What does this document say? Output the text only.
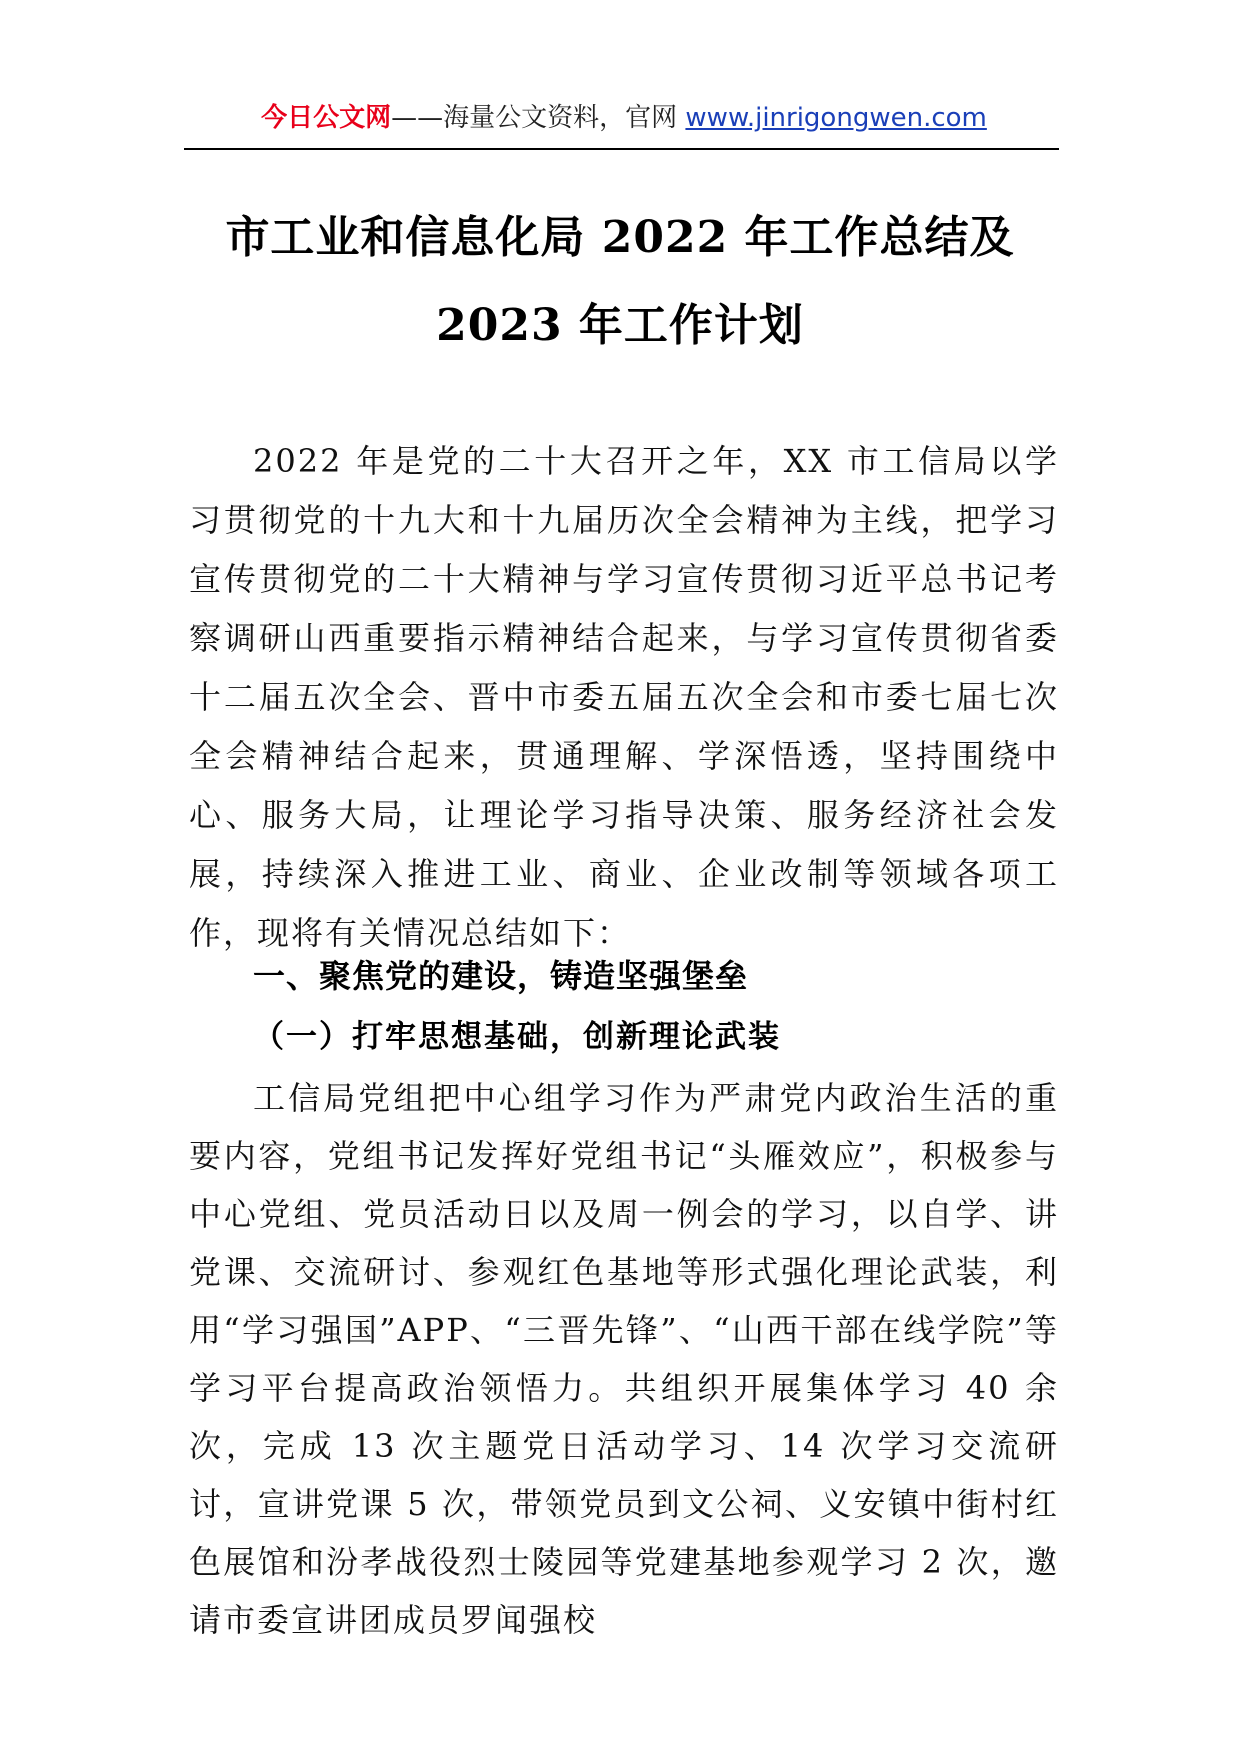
今日公文网——海量公文资料，官网 www.jinrigongwen.com
市工业和信息化局 2022 年工作总结及
2023 年工作计划

2022 年是党的二十大召开之年，XX 市工信局以学习贯彻党的十九大和十九届历次全会精神为主线，把学习宣传贯彻党的二十大精神与学习宣传贯彻习近平总书记考察调研山西重要指示精神结合起来，与学习宣传贯彻省委十二届五次全会、晋中市委五届五次全会和市委七届七次全会精神结合起来，贯通理解、学深悟透，坚持围绕中心、服务大局，让理论学习指导决策、服务经济社会发展，持续深入推进工业、商业、企业改制等领域各项工作，现将有关情况总结如下：

一、聚焦党的建设，铸造坚强堡垒
（一）打牢思想基础，创新理论武装

工信局党组把中心组学习作为严肃党内政治生活的重要内容，党组书记发挥好党组书记“头雁效应”，积极参与中心党组、党员活动日以及周一例会的学习，以自学、讲党课、交流研讨、参观红色基地等形式强化理论武装，利用“学习强国”APP、“三晋先锋”、“山西干部在线学院”等学习平台提高政治领悟力。共组织开展集体学习 40 余次，完成 13 次主题党日活动学习、14 次学习交流研讨，宣讲党课 5 次，带领党员到文公祠、义安镇中街村红色展馆和汾孝战役烈士陵园等党建基地参观学习 2 次，邀请市委宣讲团成员罗闻强校
